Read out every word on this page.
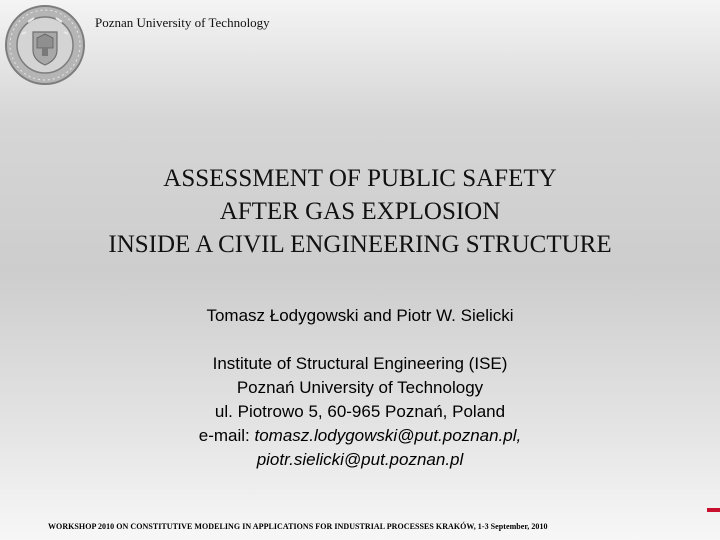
Poznan University of Technology
ASSESSMENT OF PUBLIC SAFETY
AFTER GAS EXPLOSION
INSIDE A CIVIL ENGINEERING STRUCTURE
Tomasz Łodygowski and Piotr W. Sielicki
Institute of Structural Engineering (ISE)
Poznań University of Technology
ul. Piotrowo 5, 60-965 Poznań, Poland
e-mail: tomasz.lodygowski@put.poznan.pl,
piotr.sielicki@put.poznan.pl
WORKSHOP 2010 ON CONSTITUTIVE MODELING IN APPLICATIONS FOR INDUSTRIAL PROCESSES KRAKÓW, 1-3 September, 2010
